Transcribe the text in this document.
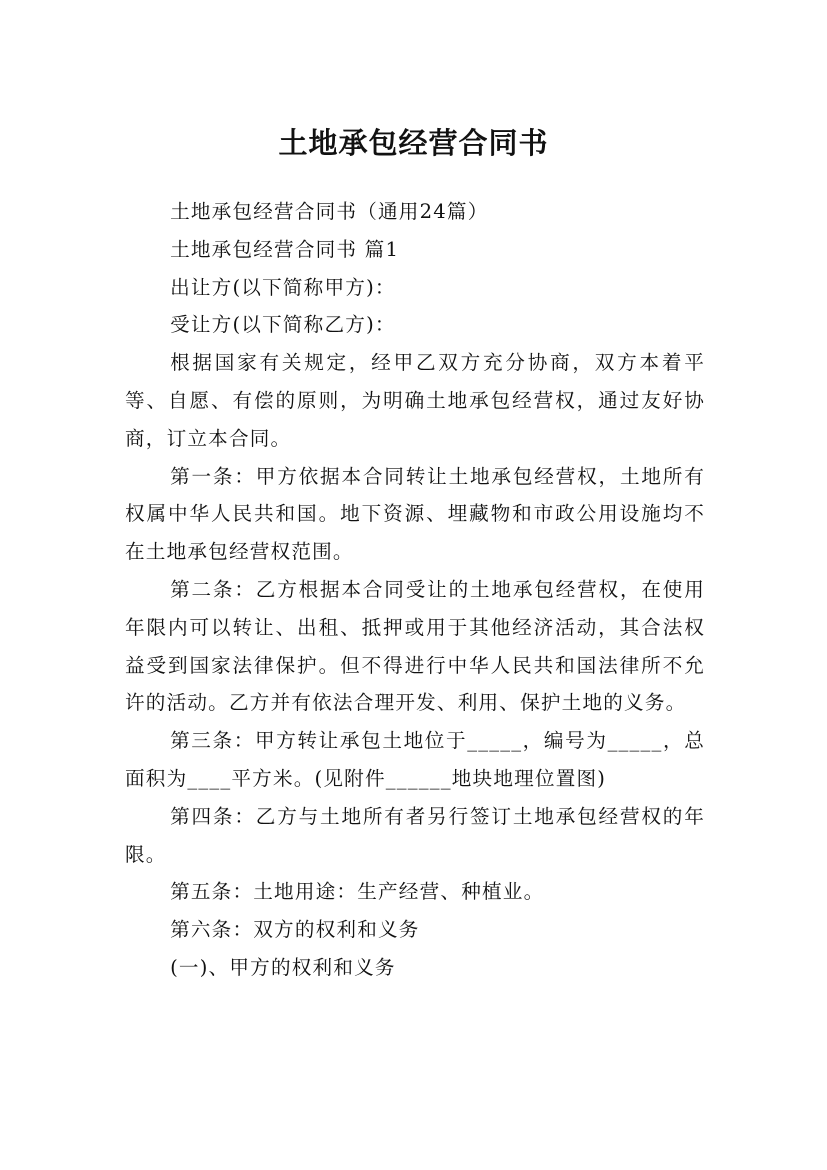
土地承包经营合同书

土地承包经营合同书（通用24篇）

土地承包经营合同书 篇1

出让方(以下简称甲方)：

受让方(以下简称乙方)：

根据国家有关规定，经甲乙双方充分协商，双方本着平等、自愿、有偿的原则，为明确土地承包经营权，通过友好协商，订立本合同。

第一条：甲方依据本合同转让土地承包经营权，土地所有权属中华人民共和国。地下资源、埋藏物和市政公用设施均不在土地承包经营权范围。

第二条：乙方根据本合同受让的土地承包经营权，在使用年限内可以转让、出租、抵押或用于其他经济活动，其合法权益受到国家法律保护。但不得进行中华人民共和国法律所不允许的活动。乙方并有依法合理开发、利用、保护土地的义务。

第三条：甲方转让承包土地位于_____，编号为_____，总面积为____平方米。(见附件______地块地理位置图)

第四条：乙方与土地所有者另行签订土地承包经营权的年限。

第五条：土地用途：生产经营、种植业。

第六条：双方的权利和义务

(一)、甲方的权利和义务
